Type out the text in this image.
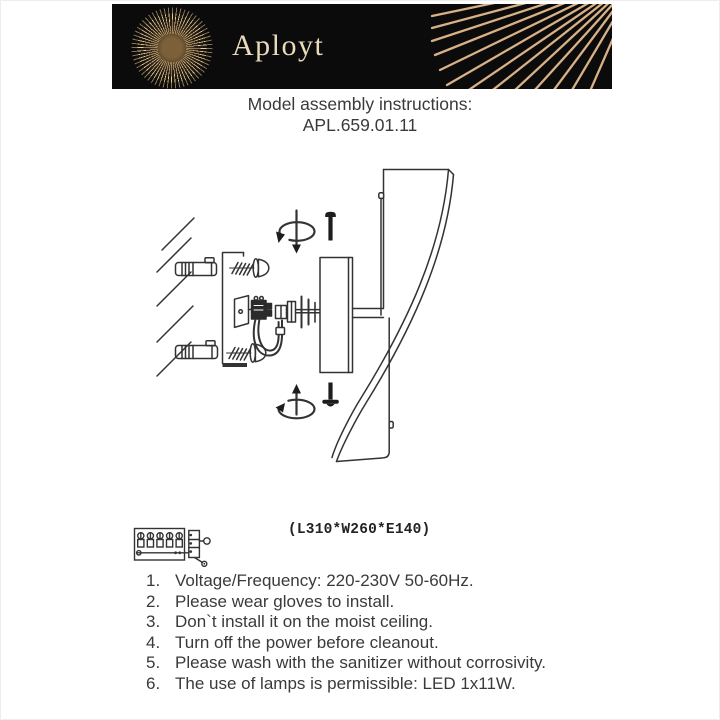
Aployt
Model assembly instructions:
APL.659.01.11
(L310*W260*E140)
1. Voltage/Frequency: 220-230V 50-60Hz.
2. Please wear gloves to install.
3. Don`t install it on the moist ceiling.
4. Turn off the power before cleanout.
5. Please wash with the sanitizer without corrosivity.
6. The use of lamps is permissible: LED 1x11W.
